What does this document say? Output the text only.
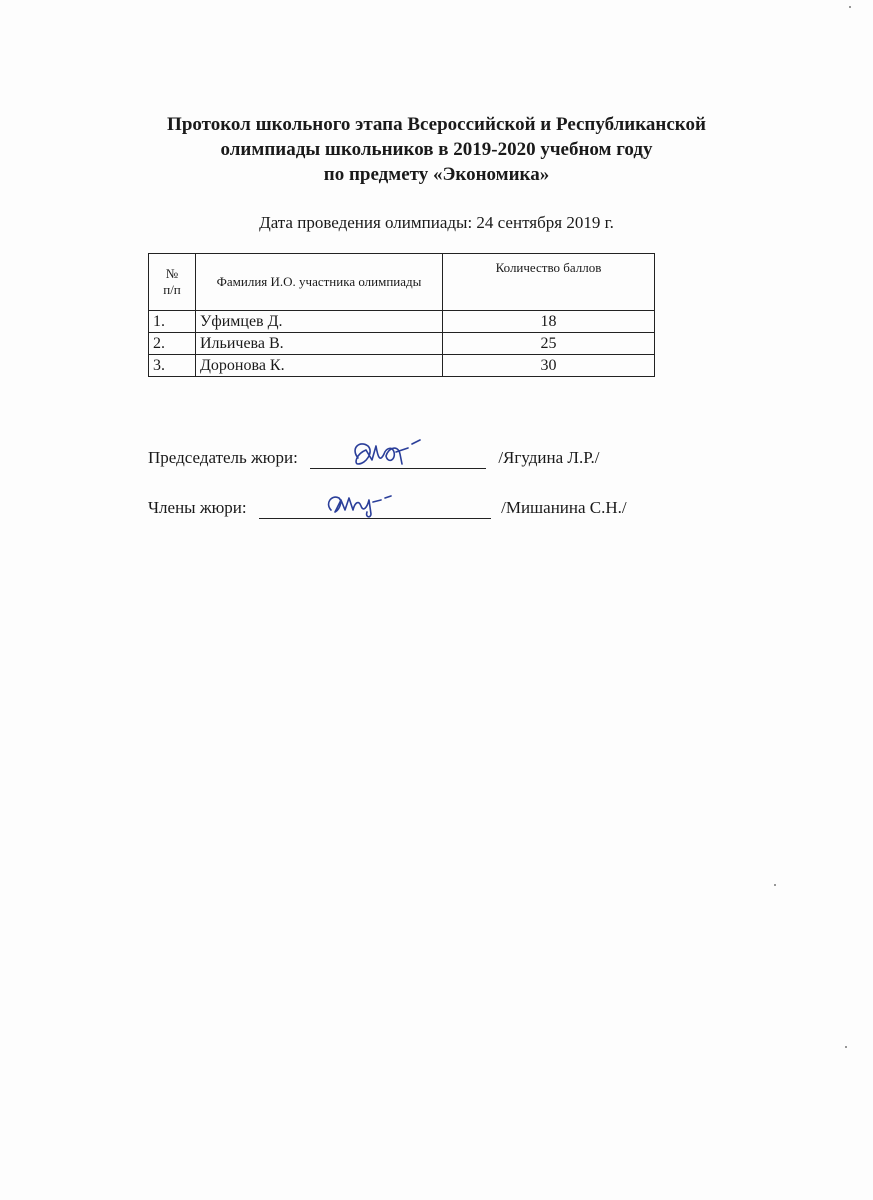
Протокол школьного этапа Всероссийской и Республиканской
олимпиады школьников в 2019-2020 учебном году
по предмету «Экономика»
Дата проведения олимпиады: 24 сентября 2019 г.
№
п/п	Фамилия И.О. участника олимпиады	Количество баллов
1.	Уфимцев Д.	18
2.	Ильичева В.	25
3.	Доронова К.	30
Председатель жюри:	/Ягудина Л.Р./
Члены жюри:	/Мишанина С.Н./
